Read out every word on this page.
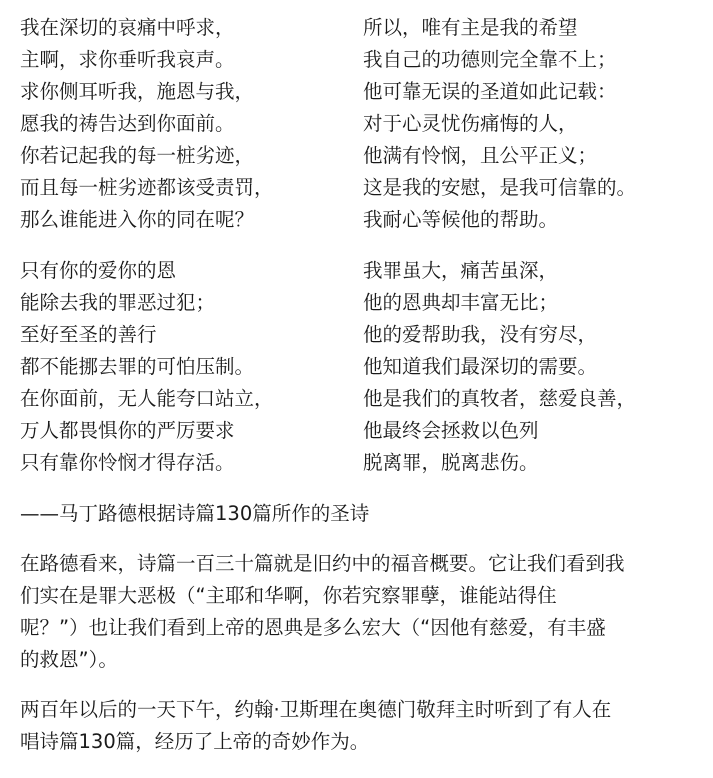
我在深切的哀痛中呼求，
主啊，求你垂听我哀声。
求你侧耳听我，施恩与我，
愿我的祷告达到你面前。
你若记起我的每一桩劣迹，
而且每一桩劣迹都该受责罚，
那么谁能进入你的同在呢？
所以，唯有主是我的希望
我自己的功德则完全靠不上；
他可靠无误的圣道如此记载：
对于心灵忧伤痛悔的人，
他满有怜悯，且公平正义；
这是我的安慰，是我可信靠的。
我耐心等候他的帮助。
只有你的爱你的恩
能除去我的罪恶过犯；
至好至圣的善行
都不能挪去罪的可怕压制。
在你面前，无人能夸口站立，
万人都畏惧你的严厉要求
只有靠你怜悯才得存活。
我罪虽大，痛苦虽深，
他的恩典却丰富无比；
他的爱帮助我，没有穷尽，
他知道我们最深切的需要。
他是我们的真牧者，慈爱良善，
他最终会拯救以色列
脱离罪，脱离悲伤。
——马丁路德根据诗篇130篇所作的圣诗
在路德看来，诗篇一百三十篇就是旧约中的福音概要。它让我们看到我
们实在是罪大恶极（“主耶和华啊，你若究察罪孽，谁能站得住
呢？”）也让我们看到上帝的恩典是多么宏大（“因他有慈爱，有丰盛
的救恩”）。
两百年以后的一天下午，约翰·卫斯理在奥德门敬拜主时听到了有人在
唱诗篇130篇，经历了上帝的奇妙作为。
